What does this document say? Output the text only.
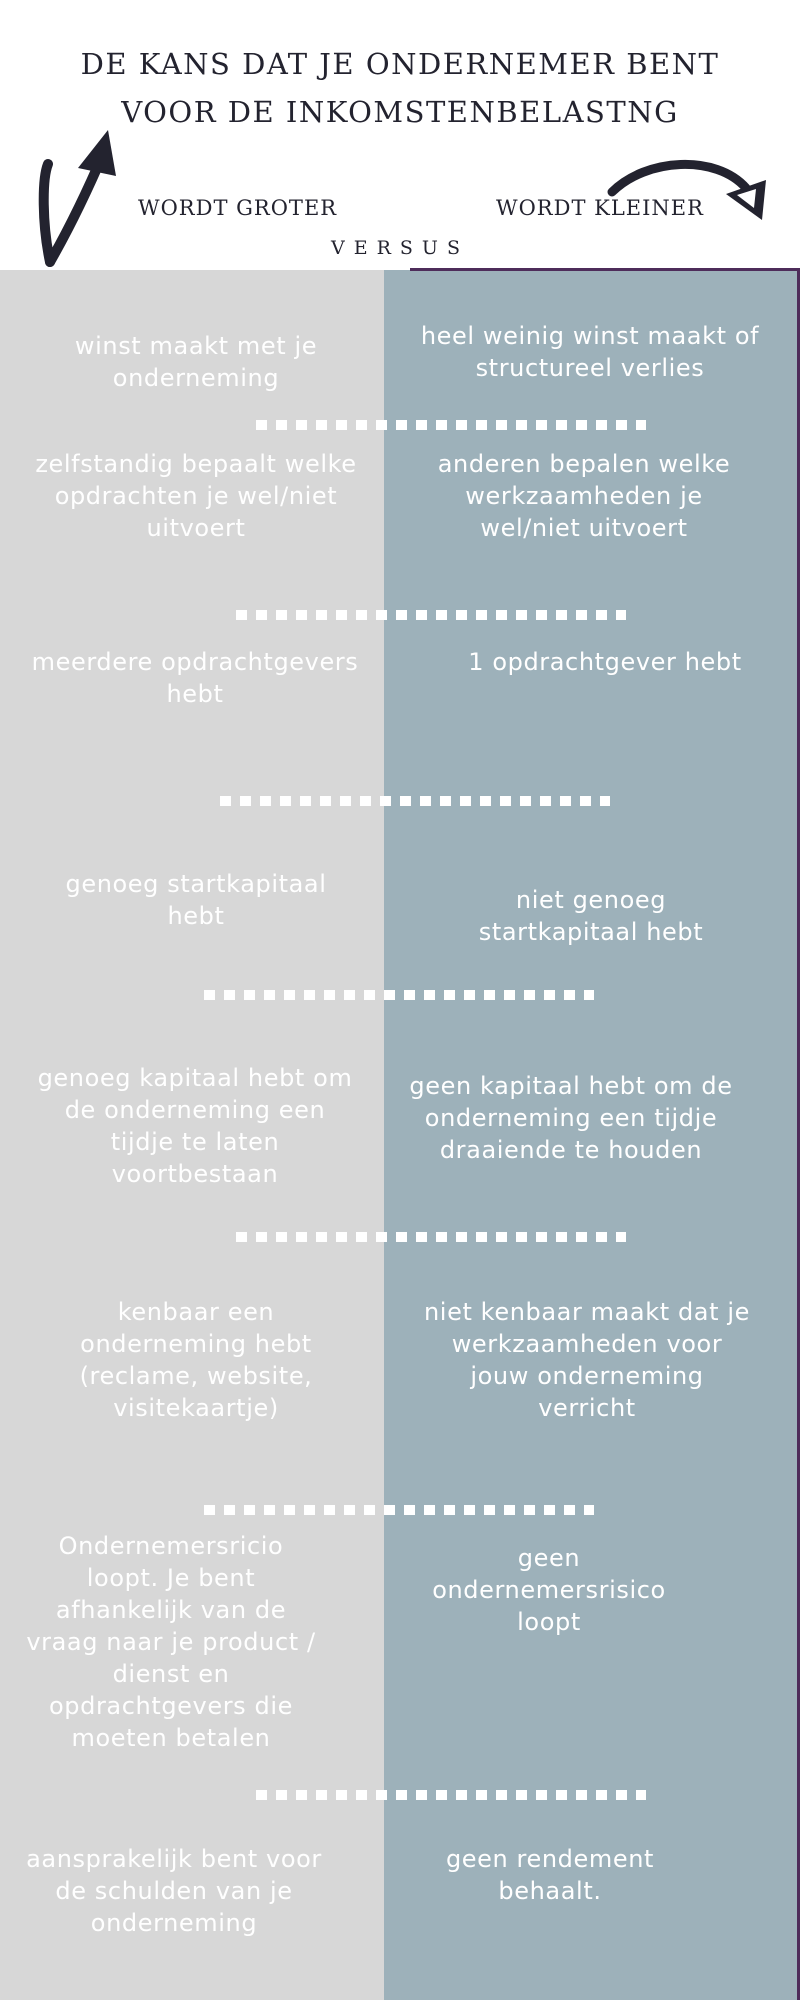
DE KANS DAT JE ONDERNEMER BENT
VOOR DE INKOMSTENBELASTNG
WORDT GROTER	WORDT KLEINER
VERSUS
winst maakt met je onderneming
heel weinig winst maakt of structureel verlies
zelfstandig bepaalt welke opdrachten je wel/niet uitvoert
anderen bepalen welke werkzaamheden je wel/niet uitvoert
meerdere opdrachtgevers hebt
1 opdrachtgever hebt
genoeg startkapitaal hebt
niet genoeg startkapitaal hebt
genoeg kapitaal hebt om de onderneming een tijdje te laten voortbestaan
geen kapitaal hebt om de onderneming een tijdje draaiende te houden
kenbaar een onderneming hebt (reclame, website, visitekaartje)
niet kenbaar maakt dat je werkzaamheden voor jouw onderneming verricht
Ondernemersricio loopt. Je bent afhankelijk van de vraag naar je product / dienst en opdrachtgevers die moeten betalen
geen ondernemersrisico loopt
aansprakelijk bent voor de schulden van je onderneming
geen rendement behaalt.
